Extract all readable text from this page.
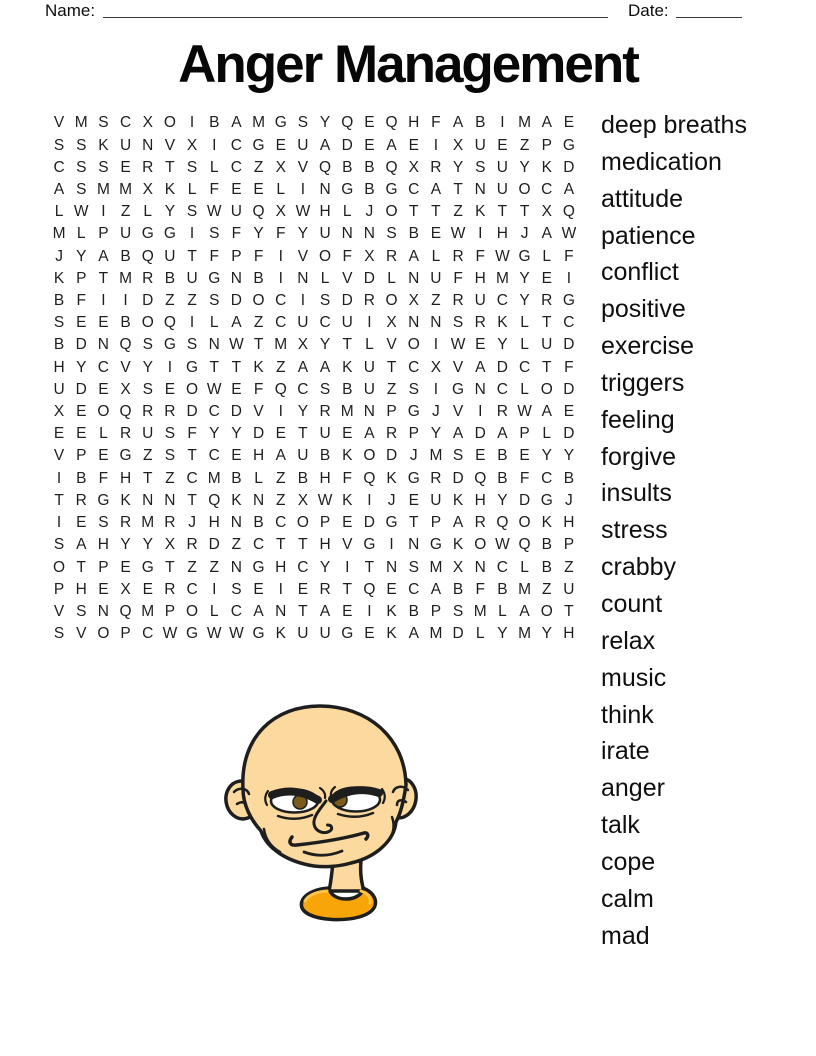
Name:	Date:
Anger Management
V M S C X O I B A M G S Y Q E Q H F A B I M A E
S S K U N V X I C G E U A D E A E I X U E Z P G
C S S E R T S L C Z X V Q B B Q X R Y S U Y K D
A S M M X K L F E E L	I N G B G C A T N U O C A
L W I Z L Y S W U Q X W H L J O T T Z K T T X Q
M L P U G G I S F Y F Y U N N S B E W I H J A W
J Y A B Q U T F P F I V O F X R A L R F W G L F
K P T M R B U G N B I N L V D L N U F H M Y E I
B F I	I D Z Z S D O C I S D R O X Z R U C Y R G
S E E B O Q I	L A Z C U C U I X N N S R K L T C
B D N Q S G S N W T M X Y T L V O I W E Y L U D
H Y C V Y I G T T K Z A A K U T C X V A D C T F
U D E X S E O W E F Q C S B U Z S I G N C L O D
X E O Q R R D C D V I Y R M N P G J V I R W A E
E E L R U S F Y Y D E T U E A R P Y A D A P L D
V P E G Z S T C E H A U B K O D J M S E B E Y Y
I B F H T Z C M B L Z B H F Q K G R D Q B F C B
T R G K N N T Q K N Z X W K I	J E U K H Y D G J
I E S R M R J H N B C O P E D G T P A R Q O K H
S A H Y Y X R D Z C T T H V G I N G K O W Q B P
O T P E G T Z Z N G H C Y I T N S M X N C L B Z
P H E X E R C I S E I E R T Q E C A B F B M Z U
V S N Q M P O L C A N T A E I K B P S M L A O T
S V O P C W G W W G K U U G E K A M D L Y M Y H
deep breaths
medication
attitude
patience
conflict
positive
exercise
triggers
feeling
forgive
insults
stress
crabby
count
relax
music
think
irate
anger
talk
cope
calm
mad
